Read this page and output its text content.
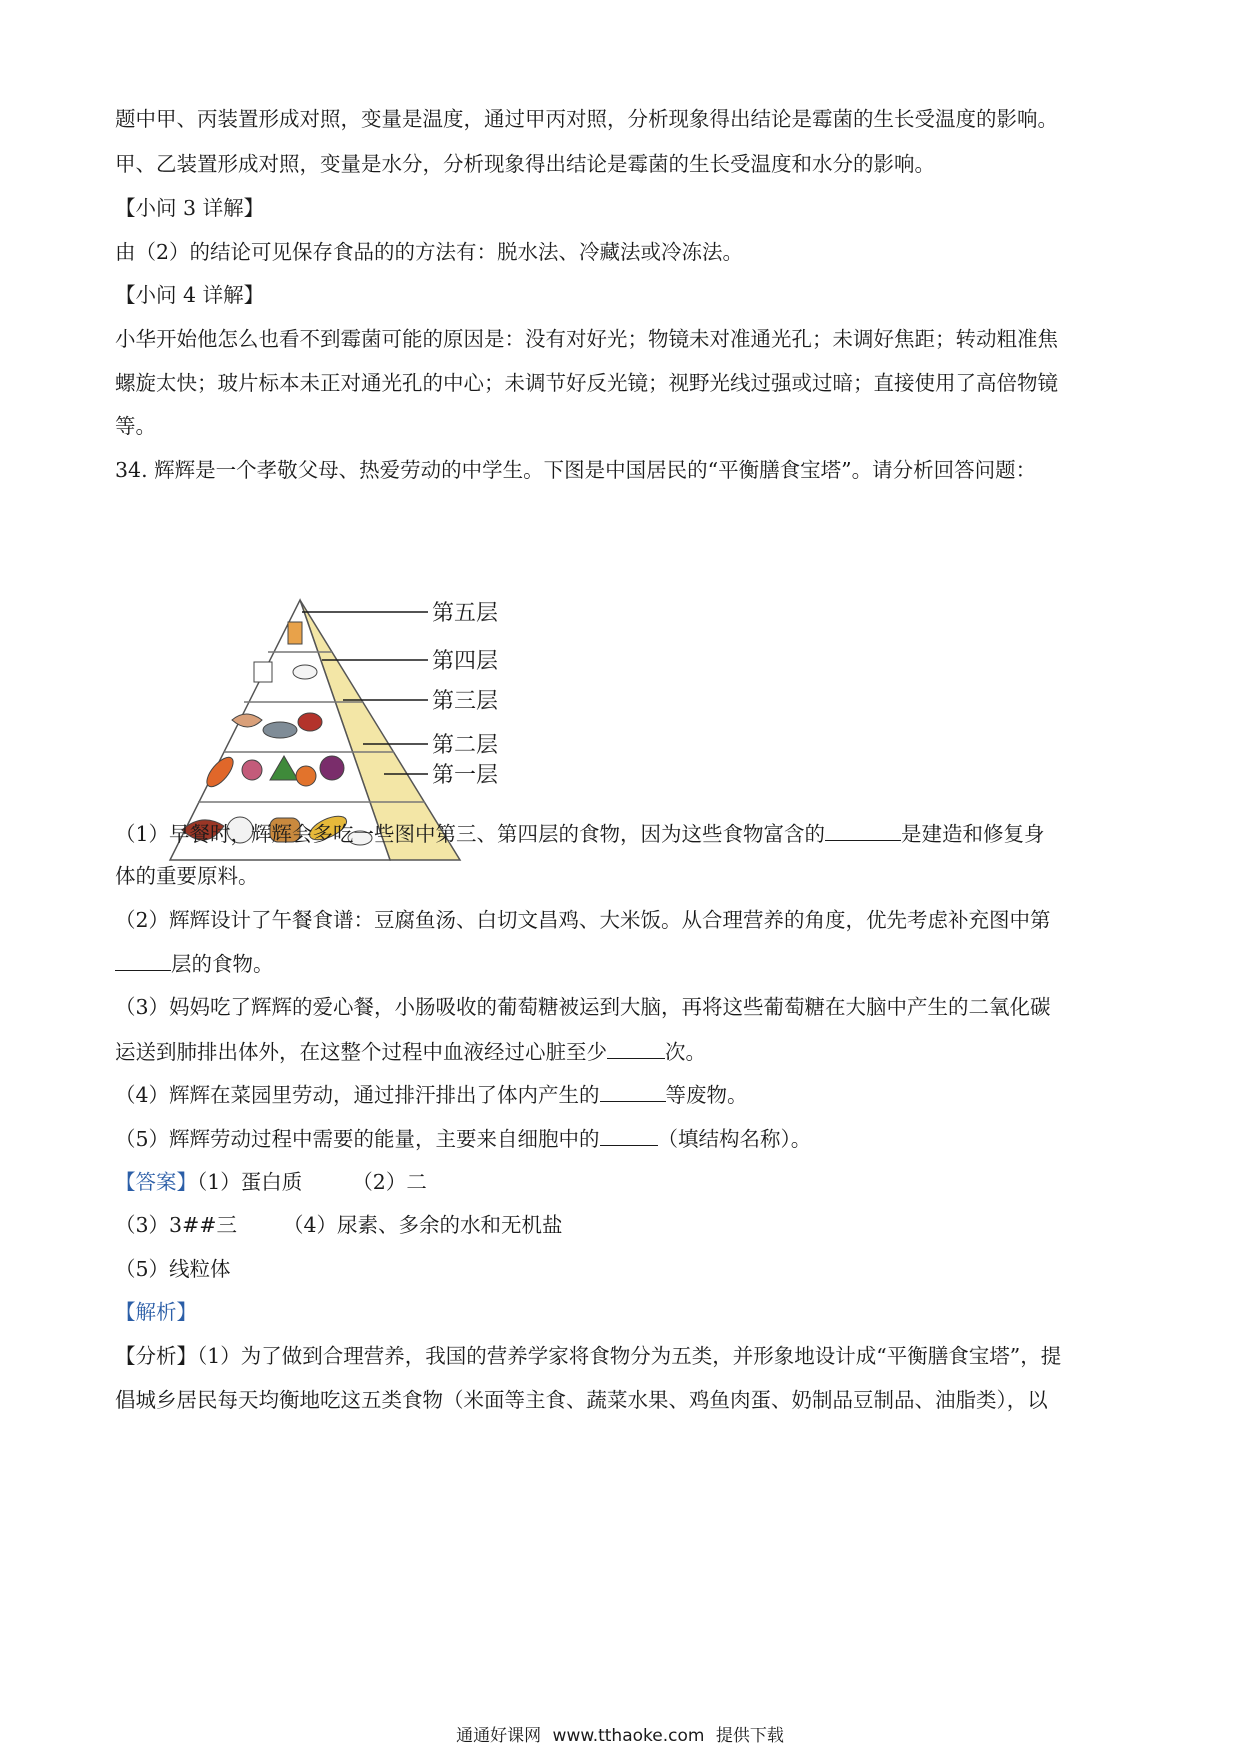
题中甲、丙装置形成对照，变量是温度，通过甲丙对照，分析现象得出结论是霉菌的生长受温度的影响。
甲、乙装置形成对照，变量是水分，分析现象得出结论是霉菌的生长受温度和水分的影响。
【小问 3 详解】
由（2）的结论可见保存食品的的方法有：脱水法、冷藏法或冷冻法。
【小问 4 详解】
小华开始他怎么也看不到霉菌可能的原因是：没有对好光；物镜未对准通光孔；未调好焦距；转动粗准焦
螺旋太快；玻片标本未正对通光孔的中心；未调节好反光镜；视野光线过强或过暗；直接使用了高倍物镜
等。
34. 辉辉是一个孝敬父母、热爱劳动的中学生。下图是中国居民的“平衡膳食宝塔”。请分析回答问题：
第五层
第四层
第三层
第二层
第一层
（1）早餐时，辉辉会多吃一些图中第三、第四层的食物，因为这些食物富含的	是建造和修复身
体的重要原料。
（2）辉辉设计了午餐食谱：豆腐鱼汤、白切文昌鸡、大米饭。从合理营养的角度，优先考虑补充图中第
层的食物。
（3）妈妈吃了辉辉的爱心餐，小肠吸收的葡萄糖被运到大脑，再将这些葡萄糖在大脑中产生的二氧化碳
运送到肺排出体外，在这整个过程中血液经过心脏至少	次。
（4）辉辉在菜园里劳动，通过排汗排出了体内产生的	等废物。
（5）辉辉劳动过程中需要的能量，主要来自细胞中的	（填结构名称）。
【答案】（1）蛋白质 （2）二
（3）3##三 （4）尿素、多余的水和无机盐
（5）线粒体
【解析】
【分析】（1）为了做到合理营养，我国的营养学家将食物分为五类，并形象地设计成“平衡膳食宝塔”，提
倡城乡居民每天均衡地吃这五类食物（米面等主食、蔬菜水果、鸡鱼肉蛋、奶制品豆制品、油脂类），以
通通好课网 www.tthaoke.com 提供下载
